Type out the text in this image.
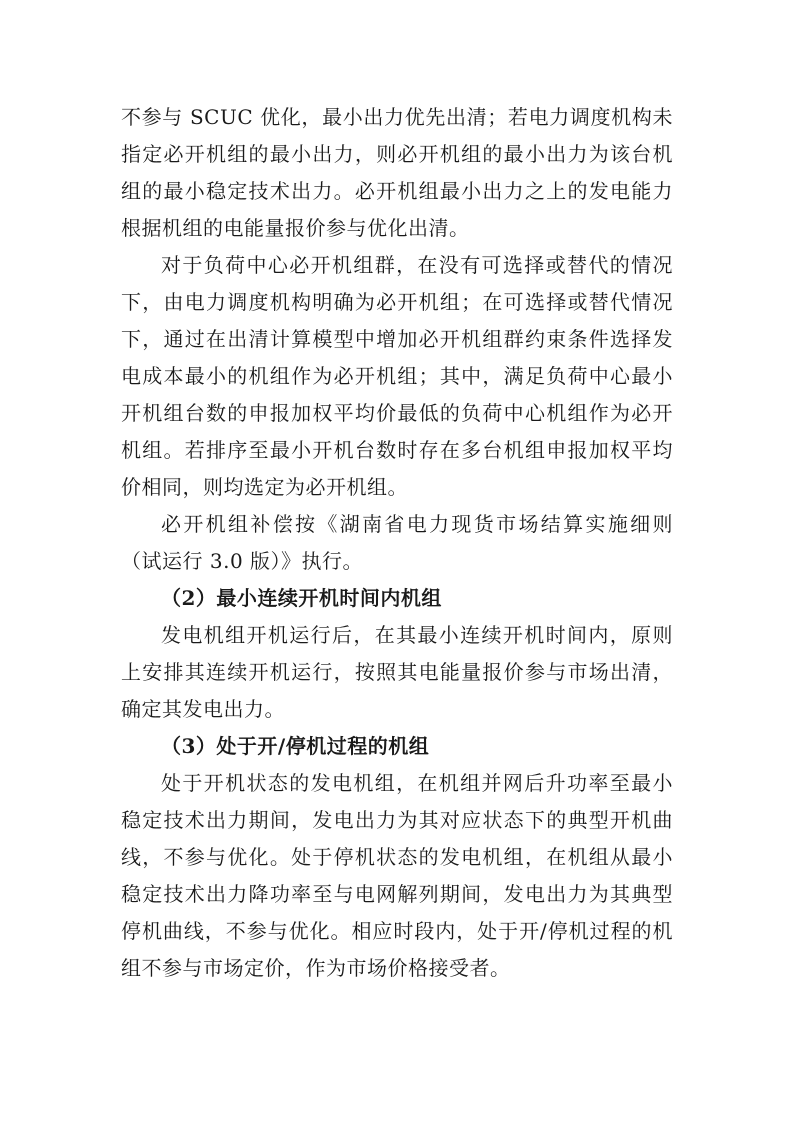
不参与 SCUC 优化，最小出力优先出清；若电力调度机构未指定必开机组的最小出力，则必开机组的最小出力为该台机组的最小稳定技术出力。必开机组最小出力之上的发电能力根据机组的电能量报价参与优化出清。

对于负荷中心必开机组群，在没有可选择或替代的情况下，由电力调度机构明确为必开机组；在可选择或替代情况下，通过在出清计算模型中增加必开机组群约束条件选择发电成本最小的机组作为必开机组；其中，满足负荷中心最小开机组台数的申报加权平均价最低的负荷中心机组作为必开机组。若排序至最小开机台数时存在多台机组申报加权平均价相同，则均选定为必开机组。

必开机组补偿按《湖南省电力现货市场结算实施细则（试运行 3.0 版）》执行。

（2）最小连续开机时间内机组

发电机组开机运行后，在其最小连续开机时间内，原则上安排其连续开机运行，按照其电能量报价参与市场出清，确定其发电出力。

（3）处于开/停机过程的机组

处于开机状态的发电机组，在机组并网后升功率至最小稳定技术出力期间，发电出力为其对应状态下的典型开机曲线，不参与优化。处于停机状态的发电机组，在机组从最小稳定技术出力降功率至与电网解列期间，发电出力为其典型停机曲线，不参与优化。相应时段内，处于开/停机过程的机组不参与市场定价，作为市场价格接受者。
